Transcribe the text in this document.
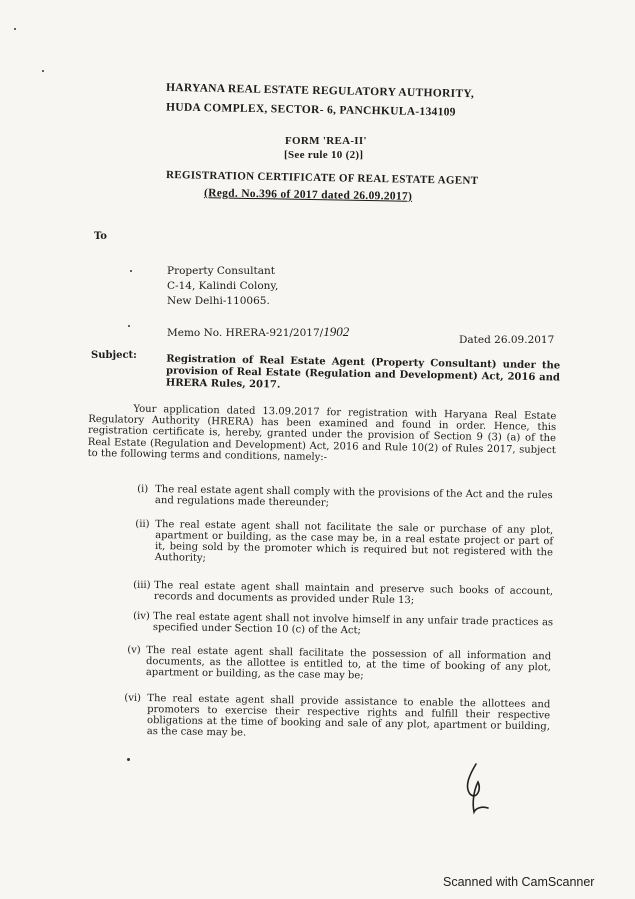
HARYANA REAL ESTATE REGULATORY AUTHORITY,
HUDA COMPLEX, SECTOR- 6, PANCHKULA-134109
FORM 'REA-II'
[See rule 10 (2)]
REGISTRATION CERTIFICATE OF REAL ESTATE AGENT
(Regd. No.396 of 2017 dated 26.09.2017)
To
Property Consultant
C-14, Kalindi Colony,
New Delhi-110065.
Memo No. HRERA-921/2017/1902
Dated 26.09.2017
Subject:	Registration of Real Estate Agent (Property Consultant) under the provision of Real Estate (Regulation and Development) Act, 2016 and HRERA Rules, 2017.
Your application dated 13.09.2017 for registration with Haryana Real Estate Regulatory Authority (HRERA) has been examined and found in order. Hence, this registration certificate is, hereby, granted under the provision of Section 9 (3) (a) of the Real Estate (Regulation and Development) Act, 2016 and Rule 10(2) of Rules 2017, subject to the following terms and conditions, namely:-
(i) The real estate agent shall comply with the provisions of the Act and the rules and regulations made thereunder;
(ii) The real estate agent shall not facilitate the sale or purchase of any plot, apartment or building, as the case may be, in a real estate project or part of it, being sold by the promoter which is required but not registered with the Authority;
(iii) The real estate agent shall maintain and preserve such books of account, records and documents as provided under Rule 13;
(iv) The real estate agent shall not involve himself in any unfair trade practices as specified under Section 10 (c) of the Act;
(v) The real estate agent shall facilitate the possession of all information and documents, as the allottee is entitled to, at the time of booking of any plot, apartment or building, as the case may be;
(vi) The real estate agent shall provide assistance to enable the allottees and promoters to exercise their respective rights and fulfill their respective obligations at the time of booking and sale of any plot, apartment or building, as the case may be.
Scanned with CamScanner
